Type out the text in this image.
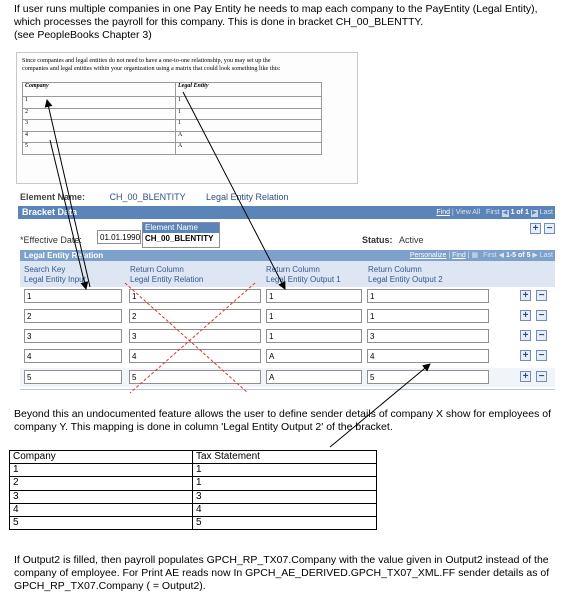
If user runs multiple companies in one Pay Entity he needs to map each company to the PayEntity (Legal Entity),
which processes the payroll for this company. This is done in bracket CH_00_BLENTTY.
(see PeopleBooks Chapter 3)
Since companies and legal entities do not need to have a one-to-one relationship, you may set up the
companies and legal entities within your organization using a matrix that could look something like this:
Company	Legal Entity
1	1
2	1
3	1
4	A
5	A
Element Name:	CH_00_BLENTITY Legal Entity Relation
Bracket Data	Find | View All First ◀ 1 of 1 ▶ Last
+ −
Element Name
CH_00_BLENTITY
*Effective Date:	01.01.1990	Status: Active
Legal Entity Relation	Personalize | Find | ▦ First ◀ 1-5 of 5 ▶ Last
Search Key
Legal Entity Input
Return Column
Legal Entity Relation
Return Column
Legal Entity Output 1
Return Column
Legal Entity Output 2
1	1	1	1	+ −
2	2	1	1	+ −
3	3	1	3	+ −
4	4	A	4	+ −
5	5	A	5	+ −
Beyond this an undocumented feature allows the user to define sender details of company X show for employees of
company Y. This mapping is done in column 'Legal Entity Output 2' of the bracket.
Company	Tax Statement
1	1
2	1
3	3
4	4
5	5
If Output2 is filled, then payroll populates GPCH_RP_TX07.Company with the value given in Output2 instead of the
company of employee. For Print AE reads now In GPCH_AE_DERIVED.GPCH_TX07_XML.FF sender details as of
GPCH_RP_TX07.Company ( = Output2).
